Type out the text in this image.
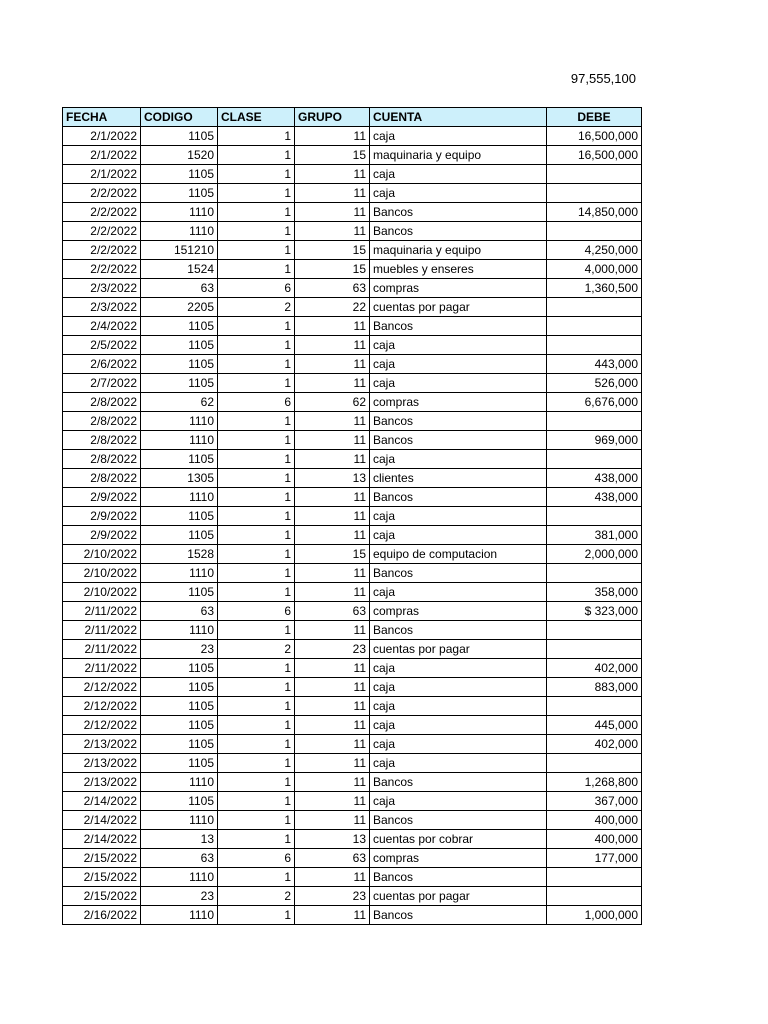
97,555,100
FECHA	CODIGO	CLASE	GRUPO	CUENTA	DEBE
2/1/2022	1105	1	11	caja	16,500,000
2/1/2022	1520	1	15	maquinaria y equipo	16,500,000
2/1/2022	1105	1	11	caja	
2/2/2022	1105	1	11	caja	
2/2/2022	1110	1	11	Bancos	14,850,000
2/2/2022	1110	1	11	Bancos	
2/2/2022	151210	1	15	maquinaria y equipo	4,250,000
2/2/2022	1524	1	15	muebles y enseres	4,000,000
2/3/2022	63	6	63	compras	1,360,500
2/3/2022	2205	2	22	cuentas por pagar	
2/4/2022	1105	1	11	Bancos	
2/5/2022	1105	1	11	caja	
2/6/2022	1105	1	11	caja	443,000
2/7/2022	1105	1	11	caja	526,000
2/8/2022	62	6	62	compras	6,676,000
2/8/2022	1110	1	11	Bancos	
2/8/2022	1110	1	11	Bancos	969,000
2/8/2022	1105	1	11	caja	
2/8/2022	1305	1	13	clientes	438,000
2/9/2022	1110	1	11	Bancos	438,000
2/9/2022	1105	1	11	caja	
2/9/2022	1105	1	11	caja	381,000
2/10/2022	1528	1	15	equipo de computacion	2,000,000
2/10/2022	1110	1	11	Bancos	
2/10/2022	1105	1	11	caja	358,000
2/11/2022	63	6	63	compras	$ 323,000
2/11/2022	1110	1	11	Bancos	
2/11/2022	23	2	23	cuentas por pagar	
2/11/2022	1105	1	11	caja	402,000
2/12/2022	1105	1	11	caja	883,000
2/12/2022	1105	1	11	caja	
2/12/2022	1105	1	11	caja	445,000
2/13/2022	1105	1	11	caja	402,000
2/13/2022	1105	1	11	caja	
2/13/2022	1110	1	11	Bancos	1,268,800
2/14/2022	1105	1	11	caja	367,000
2/14/2022	1110	1	11	Bancos	400,000
2/14/2022	13	1	13	cuentas por cobrar	400,000
2/15/2022	63	6	63	compras	177,000
2/15/2022	1110	1	11	Bancos	
2/15/2022	23	2	23	cuentas por pagar	
2/16/2022	1110	1	11	Bancos	1,000,000
